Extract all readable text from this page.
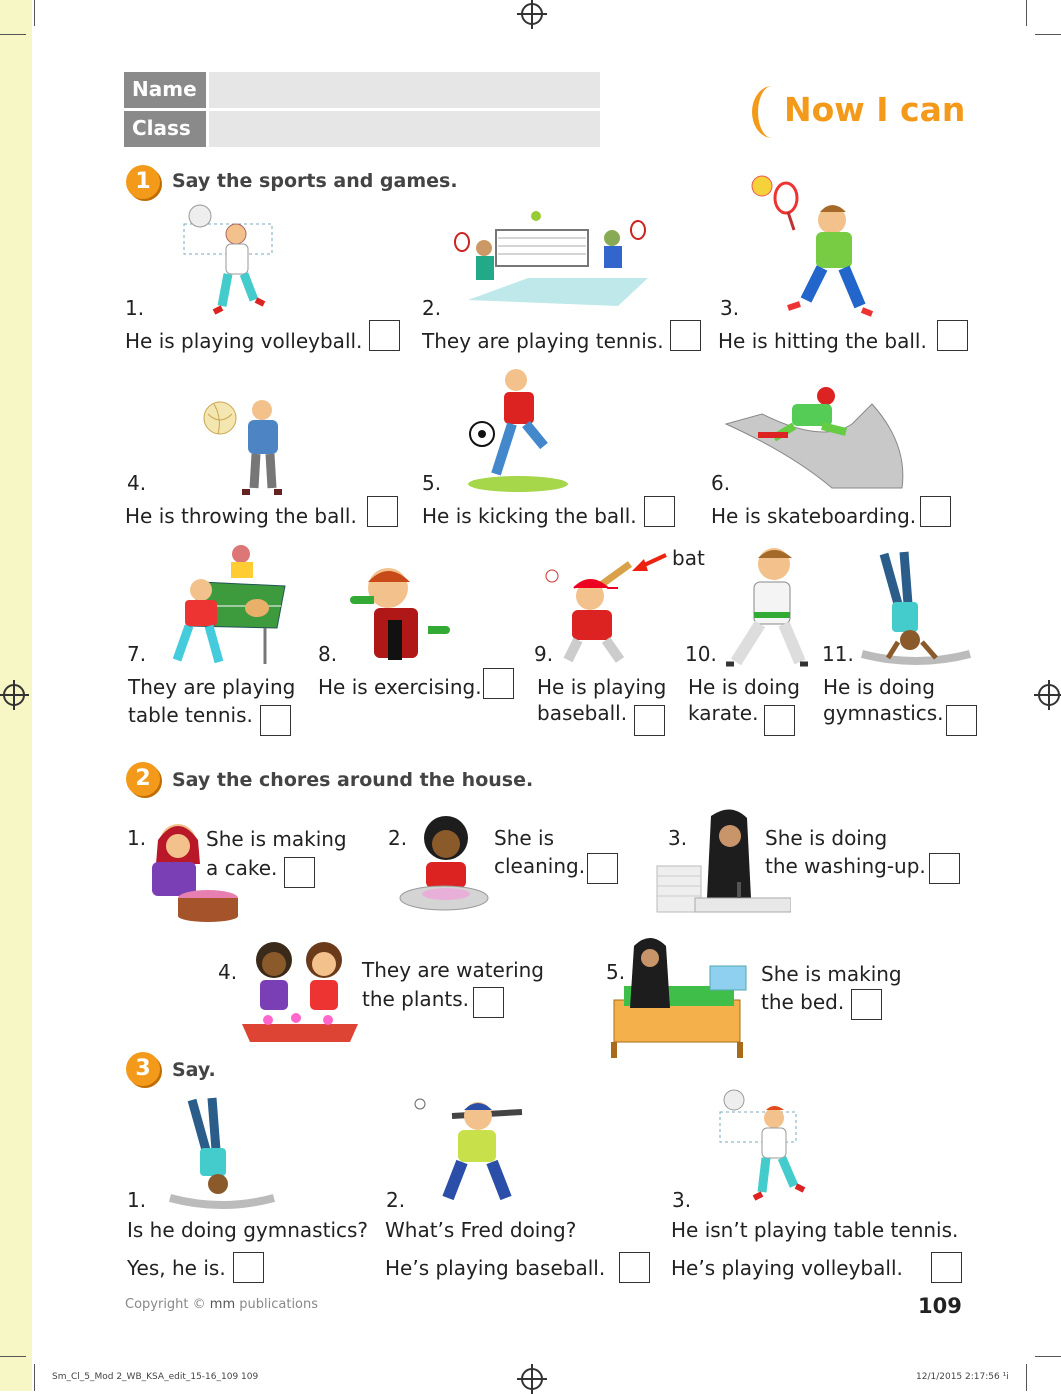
Name
Class	Now I can
1	Say the sports and games.
1.	2.	3.
He is playing volleyball.	They are playing tennis.	He is hitting the ball.
4.	5.	6.
He is throwing the ball.	He is kicking the ball.	He is skateboarding.
bat
7.	8.	9.	10.	11.
They are playing
table tennis.
He is exercising.	He is playing
baseball.
He is doing
karate.
He is doing
gymnastics.
2	Say the chores around the house.
1.	She is making
a cake.
2.	She is
cleaning.
3.	She is doing
the washing-up.
4.	They are watering
the plants.
5.	She is making
the bed.
3	Say.
1.	2.	3.
Is he doing gymnastics? What’s Fred doing?	He isn’t playing table tennis.
Yes, he is.	He’s playing baseball.	He’s playing volleyball.
Copyright © mm publications	109
Sm_Cl_5_Mod 2_WB_KSA_edit_15-16_109 109	12/1/2015 2:17:56 ¹i
